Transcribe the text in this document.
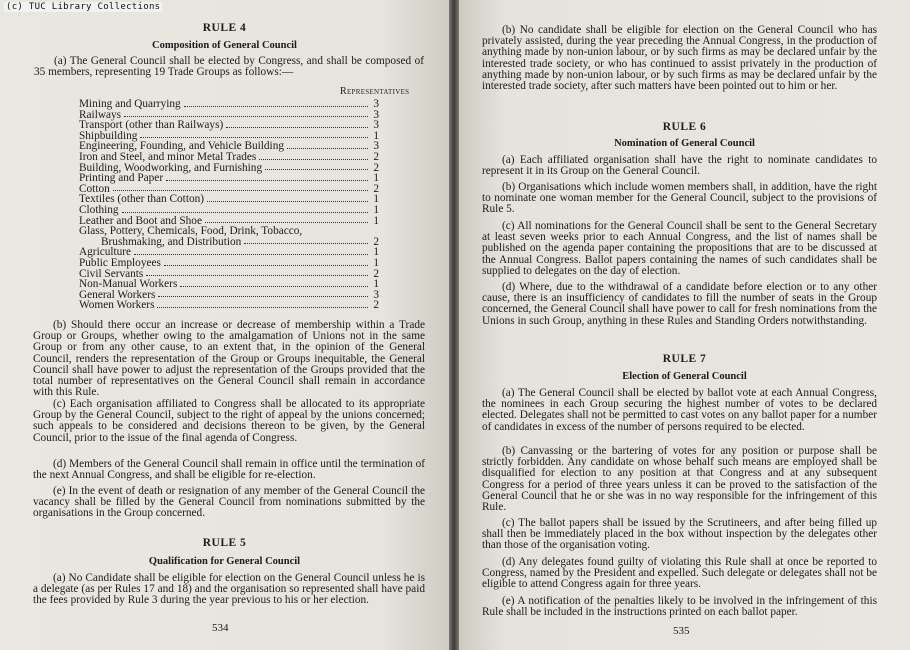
(c) TUC Library Collections
RULE 4
Composition of General Council

(a) The General Council shall be elected by Congress, and shall be composed of 35 members, representing 19 Trade Groups as follows:—

Representatives
Mining and Quarrying	3
Railways	3
Transport (other than Railways)	3
Shipbuilding	1
Engineering, Founding, and Vehicle Building	3
Iron and Steel, and minor Metal Trades	2
Building, Woodworking, and Furnishing	2
Printing and Paper	1
Cotton	2
Textiles (other than Cotton)	1
Clothing	1
Leather and Boot and Shoe	1
Glass, Pottery, Chemicals, Food, Drink, Tobacco,
Brushmaking, and Distribution	2
Agriculture	1
Public Employees	1
Civil Servants	2
Non-Manual Workers	1
General Workers	3
Women Workers	2

(b) Should there occur an increase or decrease of membership within a Trade Group or Groups, whether owing to the amalgamation of Unions not in the same Group or from any other cause, to an extent that, in the opinion of the General Council, renders the representation of the Group or Groups inequitable, the General Council shall have power to adjust the representation of the Groups provided that the total number of representatives on the General Council shall remain in accordance with this Rule.

(c) Each organisation affiliated to Congress shall be allocated to its appropriate Group by the General Council, subject to the right of appeal by the unions concerned; such appeals to be considered and decisions thereon to be given, by the General Council, prior to the issue of the final agenda of Congress.

(d) Members of the General Council shall remain in office until the termination of the next Annual Congress, and shall be eligible for re-election.

(e) In the event of death or resignation of any member of the General Council the vacancy shall be filled by the General Council from nominations submitted by the organisations in the Group concerned.

RULE 5
Qualification for General Council

(a) No Candidate shall be eligible for election on the General Council unless he is a delegate (as per Rules 17 and 18) and the organisation so represented shall have paid the fees provided by Rule 3 during the year previous to his or her election.

534

(b) No candidate shall be eligible for election on the General Council who has privately assisted, during the year preceding the Annual Congress, in the production of anything made by non-union labour, or by such firms as may be declared unfair by the interested trade society, or who has continued to assist privately in the production of anything made by non-union labour, or by such firms as may be declared unfair by the interested trade society, after such matters have been pointed out to him or her.

RULE 6
Nomination of General Council

(a) Each affiliated organisation shall have the right to nominate candidates to represent it in its Group on the General Council.

(b) Organisations which include women members shall, in addition, have the right to nominate one woman member for the General Council, subject to the provisions of Rule 5.

(c) All nominations for the General Council shall be sent to the General Secretary at least seven weeks prior to each Annual Congress, and the list of names shall be published on the agenda paper containing the propositions that are to be discussed at the Annual Congress. Ballot papers containing the names of such candidates shall be supplied to delegates on the day of election.

(d) Where, due to the withdrawal of a candidate before election or to any other cause, there is an insufficiency of candidates to fill the number of seats in the Group concerned, the General Council shall have power to call for fresh nominations from the Unions in such Group, anything in these Rules and Standing Orders notwithstanding.

RULE 7
Election of General Council

(a) The General Council shall be elected by ballot vote at each Annual Congress, the nominees in each Group securing the highest number of votes to be declared elected. Delegates shall not be permitted to cast votes on any ballot paper for a number of candidates in excess of the number of persons required to be elected.

(b) Canvassing or the bartering of votes for any position or purpose shall be strictly forbidden. Any candidate on whose behalf such means are employed shall be disqualified for election to any position at that Congress and at any subsequent Congress for a period of three years unless it can be proved to the satisfaction of the General Council that he or she was in no way responsible for the infringement of this Rule.

(c) The ballot papers shall be issued by the Scrutineers, and after being filled up shall then be immediately placed in the box without inspection by the delegates other than those of the organisation voting.

(d) Any delegates found guilty of violating this Rule shall at once be reported to Congress, named by the President and expelled. Such delegate or delegates shall not be eligible to attend Congress again for three years.

(e) A notification of the penalties likely to be involved in the infringement of this Rule shall be included in the instructions printed on each ballot paper.

535
